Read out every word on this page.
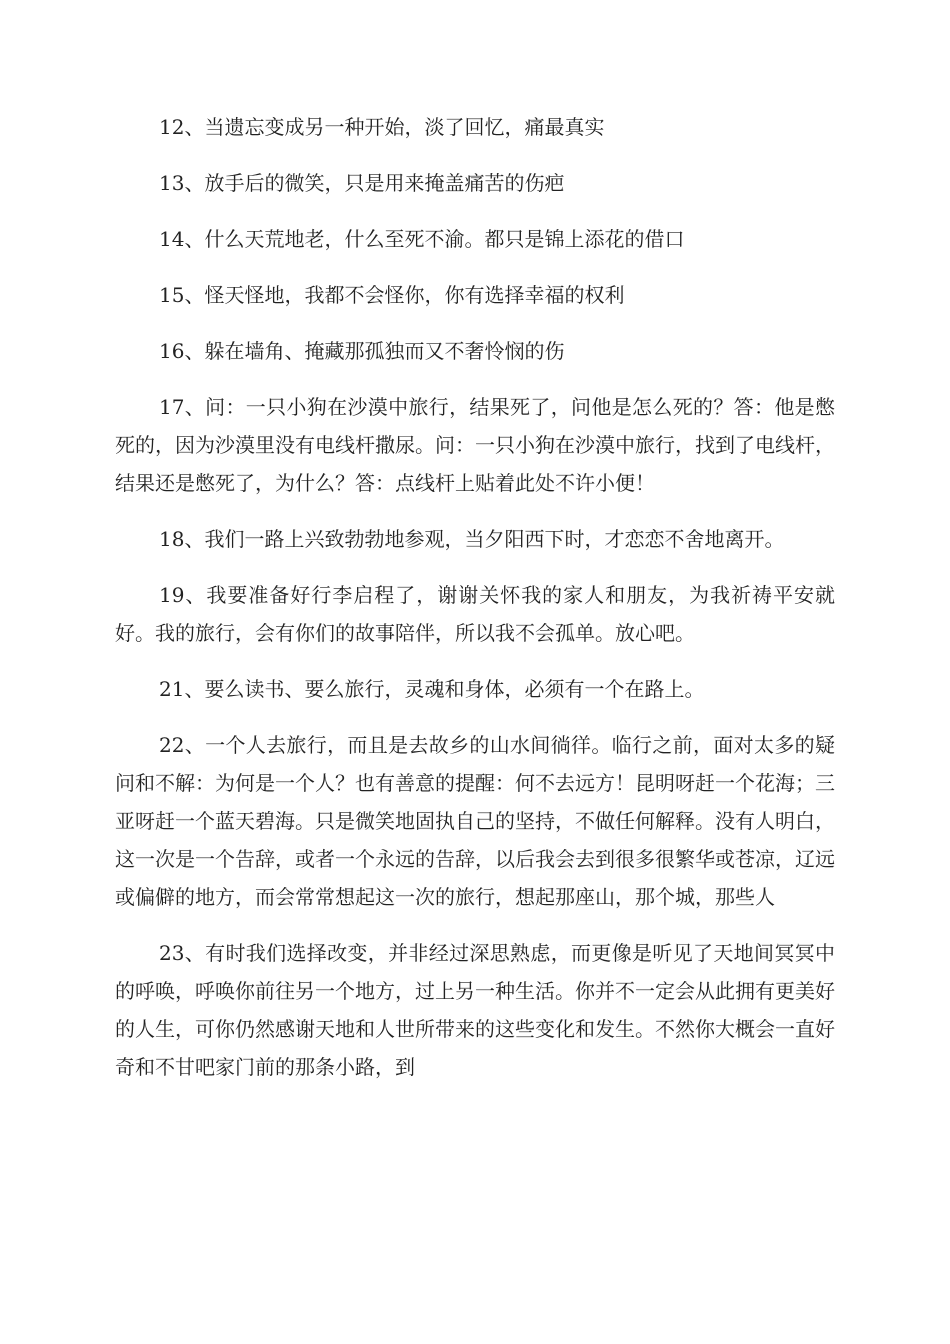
12、当遗忘变成另一种开始，淡了回忆，痛最真实

13、放手后的微笑，只是用来掩盖痛苦的伤疤

14、什么天荒地老，什么至死不渝。都只是锦上添花的借口

15、怪天怪地，我都不会怪你，你有选择幸福的权利

16、躲在墙角、掩藏那孤独而又不奢怜悯的伤

17、问：一只小狗在沙漠中旅行，结果死了，问他是怎么死的？答：他是憋死的，因为沙漠里没有电线杆撒尿。问：一只小狗在沙漠中旅行，找到了电线杆，结果还是憋死了，为什么？答：点线杆上贴着此处不许小便！

18、我们一路上兴致勃勃地参观，当夕阳西下时，才恋恋不舍地离开。

19、我要准备好行李启程了，谢谢关怀我的家人和朋友，为我祈祷平安就好。我的旅行，会有你们的故事陪伴，所以我不会孤单。放心吧。

21、要么读书、要么旅行，灵魂和身体，必须有一个在路上。

22、一个人去旅行，而且是去故乡的山水间徜徉。临行之前，面对太多的疑问和不解：为何是一个人？也有善意的提醒：何不去远方！昆明呀赶一个花海；三亚呀赶一个蓝天碧海。只是微笑地固执自己的坚持，不做任何解释。没有人明白，这一次是一个告辞，或者一个永远的告辞，以后我会去到很多很繁华或苍凉，辽远或偏僻的地方，而会常常想起这一次的旅行，想起那座山，那个城，那些人

23、有时我们选择改变，并非经过深思熟虑，而更像是听见了天地间冥冥中的呼唤，呼唤你前往另一个地方，过上另一种生活。你并不一定会从此拥有更美好的人生，可你仍然感谢天地和人世所带来的这些变化和发生。不然你大概会一直好奇和不甘吧家门前的那条小路，到
